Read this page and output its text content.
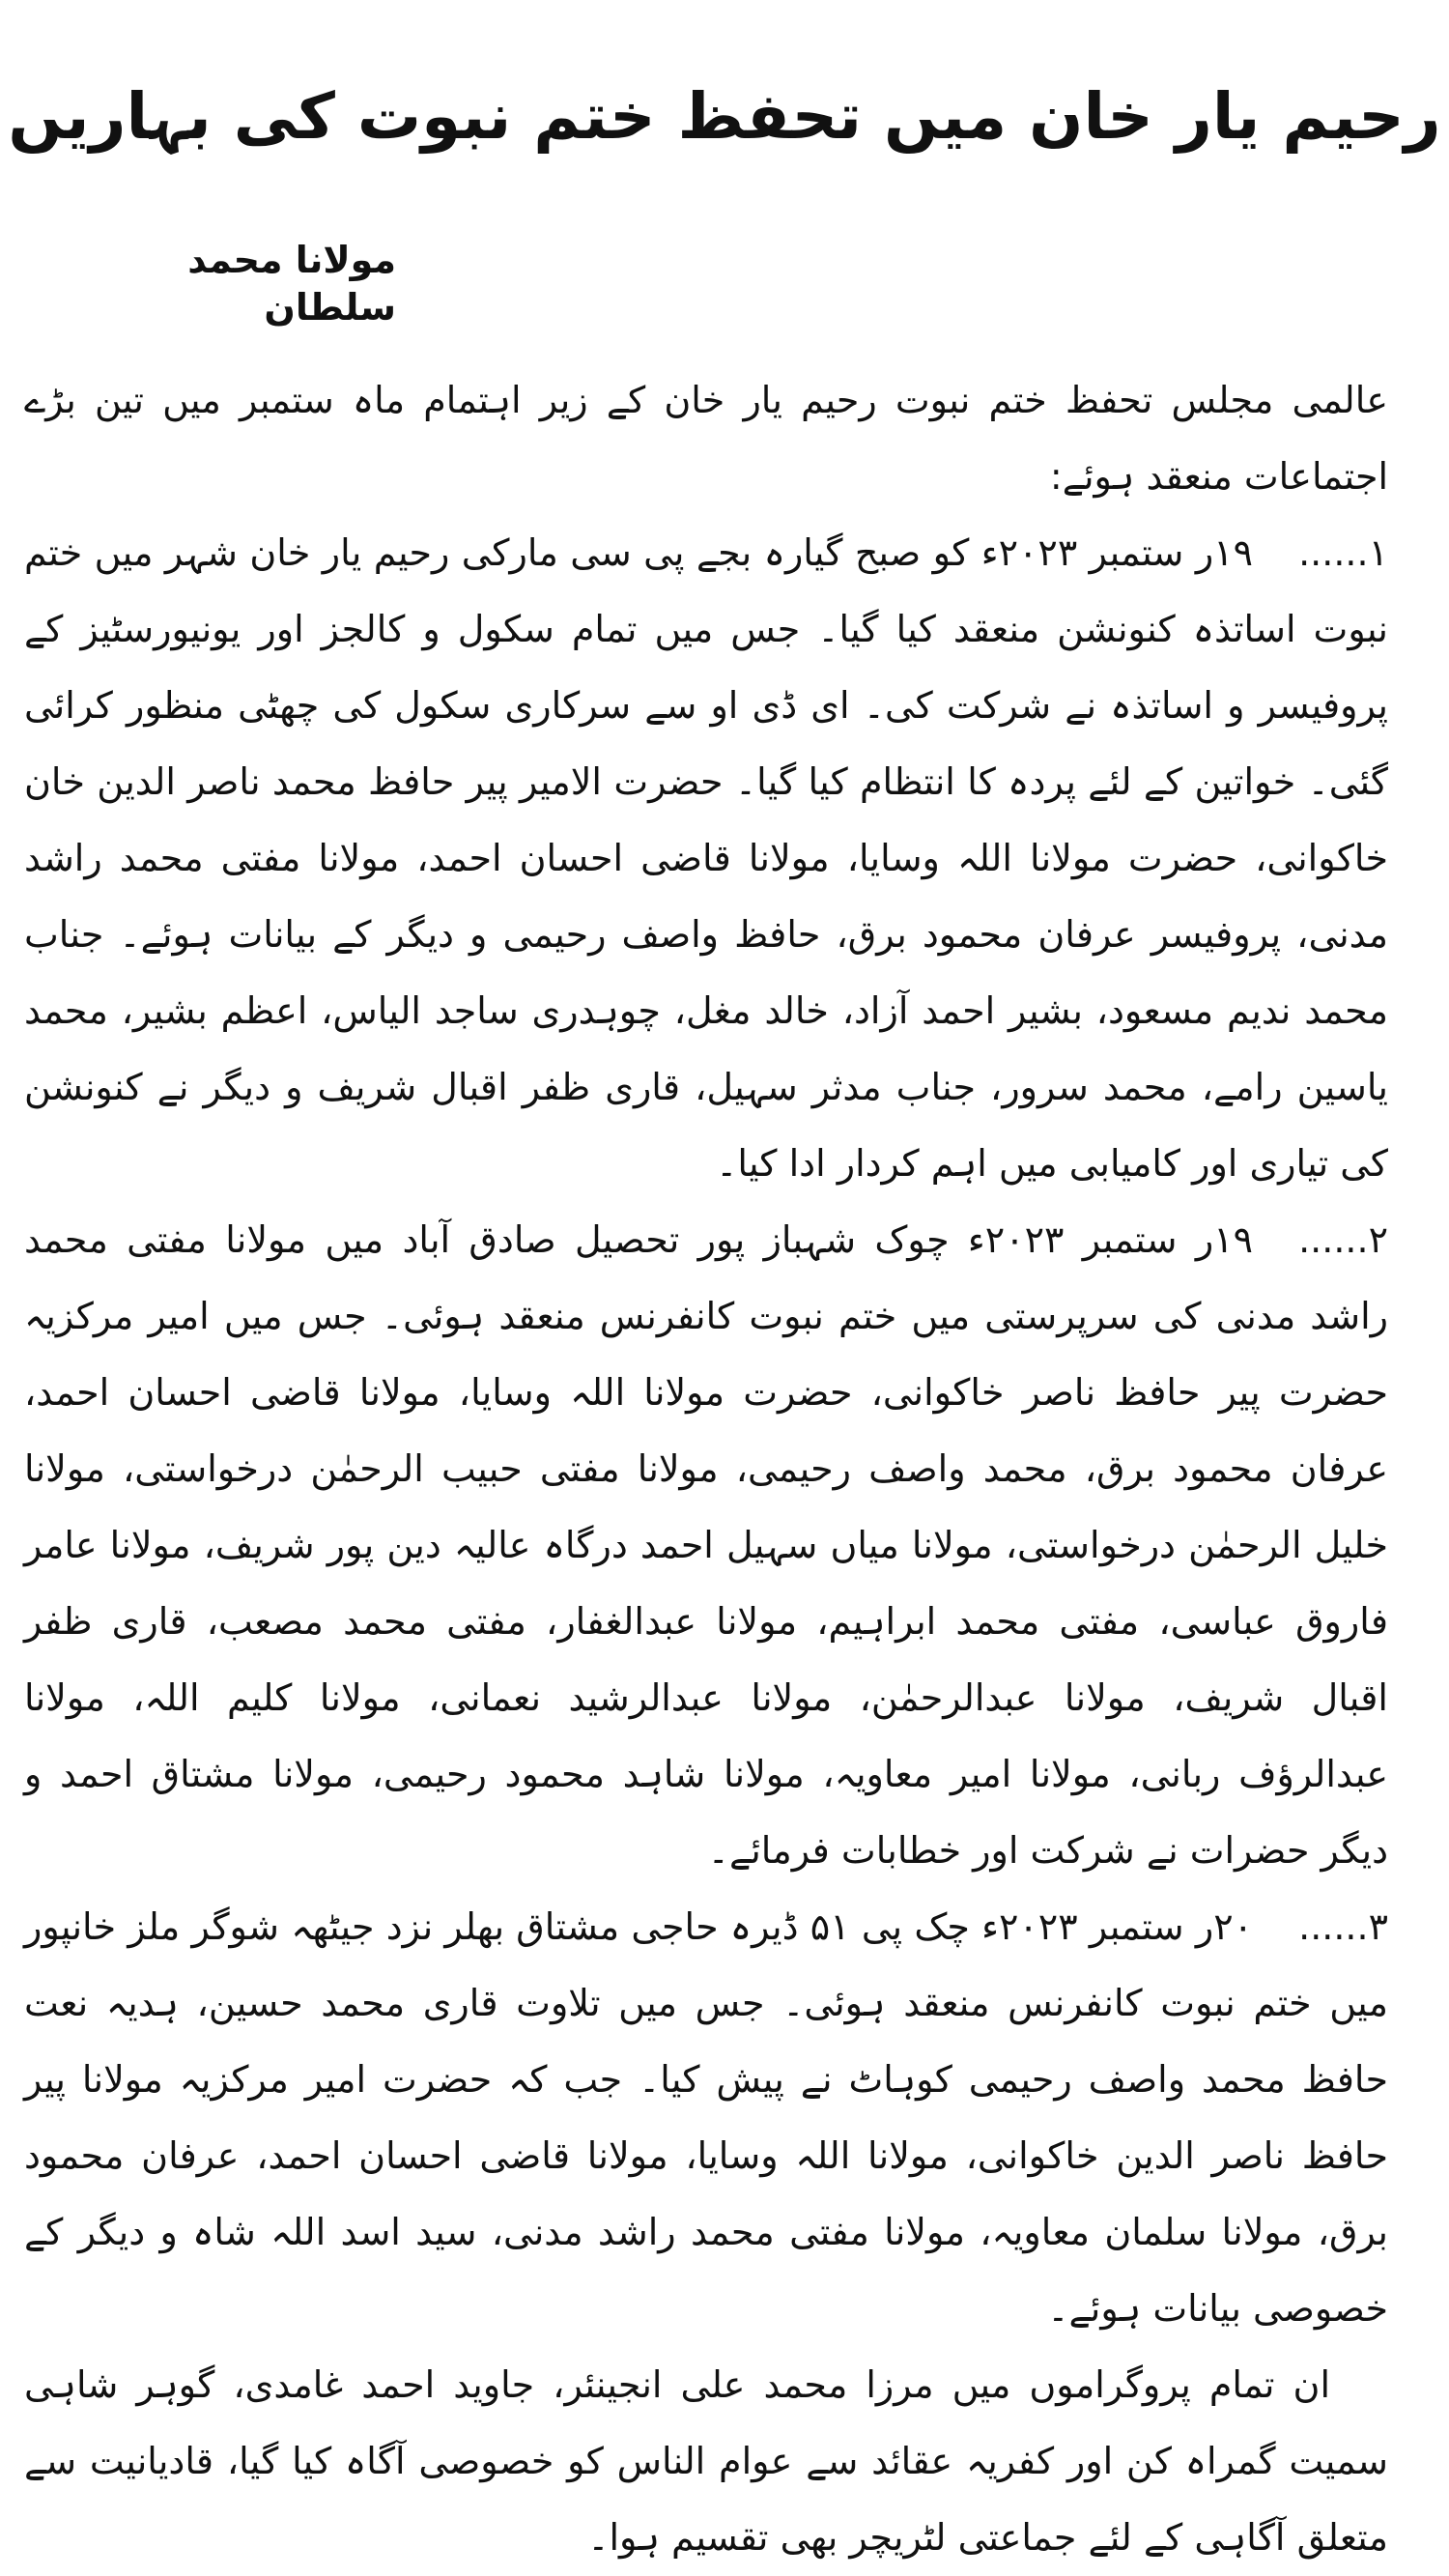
رحیم یار خان میں تحفظ ختم نبوت کی بہاریں

مولانا محمد سلطان

عالمی مجلس تحفظ ختم نبوت رحیم یار خان کے زیر اہتمام ماہ ستمبر میں تین بڑے اجتماعات منعقد ہوئے:

۱......۱۹ر ستمبر ۲۰۲۳ء کو صبح گیارہ بجے پی سی مارکی رحیم یار خان شہر میں ختم نبوت اساتذہ کنونشن منعقد کیا گیا۔ جس میں تمام سکول و کالجز اور یونیورسٹیز کے پروفیسر و اساتذہ نے شرکت کی۔ ای ڈی او سے سرکاری سکول کی چھٹی منظور کرائی گئی۔ خواتین کے لئے پردہ کا انتظام کیا گیا۔ حضرت الامیر پیر حافظ محمد ناصر الدین خان خاکوانی، حضرت مولانا اللہ وسایا، مولانا قاضی احسان احمد، مولانا مفتی محمد راشد مدنی، پروفیسر عرفان محمود برق، حافظ واصف رحیمی و دیگر کے بیانات ہوئے۔ جناب محمد ندیم مسعود، بشیر احمد آزاد، خالد مغل، چوہدری ساجد الیاس، اعظم بشیر، محمد یاسین رامے، محمد سرور، جناب مدثر سہیل، قاری ظفر اقبال شریف و دیگر نے کنونشن کی تیاری اور کامیابی میں اہم کردار ادا کیا۔

۲......۱۹ر ستمبر ۲۰۲۳ء چوک شہباز پور تحصیل صادق آباد میں مولانا مفتی محمد راشد مدنی کی سرپرستی میں ختم نبوت کانفرنس منعقد ہوئی۔ جس میں امیر مرکزیہ حضرت پیر حافظ ناصر خاکوانی، حضرت مولانا اللہ وسایا، مولانا قاضی احسان احمد، عرفان محمود برق، محمد واصف رحیمی، مولانا مفتی حبیب الرحمٰن درخواستی، مولانا خلیل الرحمٰن درخواستی، مولانا میاں سہیل احمد درگاہ عالیہ دین پور شریف، مولانا عامر فاروق عباسی، مفتی محمد ابراہیم، مولانا عبدالغفار، مفتی محمد مصعب، قاری ظفر اقبال شریف، مولانا عبدالرحمٰن، مولانا عبدالرشید نعمانی، مولانا کلیم اللہ، مولانا عبدالرؤف ربانی، مولانا امیر معاویہ، مولانا شاہد محمود رحیمی، مولانا مشتاق احمد و دیگر حضرات نے شرکت اور خطابات فرمائے۔

۳......۲۰ر ستمبر ۲۰۲۳ء چک پی ۵۱ ڈیرہ حاجی مشتاق بھلر نزد جیٹھہ شوگر ملز خانپور میں ختم نبوت کانفرنس منعقد ہوئی۔ جس میں تلاوت قاری محمد حسین، ہدیہ نعت حافظ محمد واصف رحیمی کوہاٹ نے پیش کیا۔ جب کہ حضرت امیر مرکزیہ مولانا پیر حافظ ناصر الدین خاکوانی، مولانا اللہ وسایا، مولانا قاضی احسان احمد، عرفان محمود برق، مولانا سلمان معاویہ، مولانا مفتی محمد راشد مدنی، سید اسد اللہ شاہ و دیگر کے خصوصی بیانات ہوئے۔

ان تمام پروگراموں میں مرزا محمد علی انجینئر، جاوید احمد غامدی، گوہر شاہی سمیت گمراہ کن اور کفریہ عقائد سے عوام الناس کو خصوصی آگاہ کیا گیا، قادیانیت سے متعلق آگاہی کے لئے جماعتی لٹریچر بھی تقسیم ہوا۔
